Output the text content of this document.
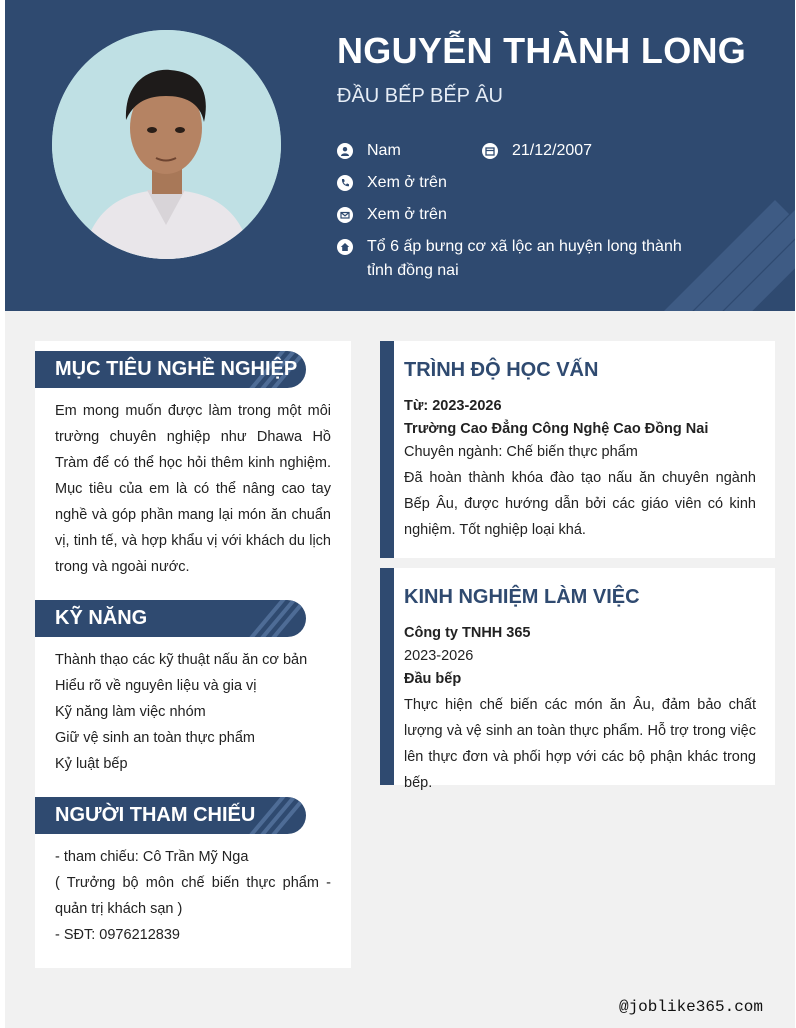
NGUYỄN THÀNH LONG
ĐẦU BẾP BẾP ÂU
Nam	21/12/2007
Xem ở trên
Xem ở trên
Tổ 6 ấp bưng cơ xã lộc an huyện long thành tỉnh đồng nai
MỤC TIÊU NGHỀ NGHIỆP
Em mong muốn được làm trong một môi trường chuyên nghiệp như Dhawa Hồ Tràm để có thể học hỏi thêm kinh nghiệm. Mục tiêu của em là có thể nâng cao tay nghề và góp phần mang lại món ăn chuẩn vị, tinh tế, và hợp khẩu vị với khách du lịch trong và ngoài nước.
KỸ NĂNG
Thành thạo các kỹ thuật nấu ăn cơ bản
Hiểu rõ về nguyên liệu và gia vị
Kỹ năng làm việc nhóm
Giữ vệ sinh an toàn thực phẩm
Kỷ luật bếp
NGƯỜI THAM CHIẾU
- tham chiếu: Cô Trần Mỹ Nga
( Trưởng bộ môn chế biến thực phẩm - quản trị khách sạn )
- SĐT: 0976212839
TRÌNH ĐỘ HỌC VẤN
Từ: 2023-2026
Trường Cao Đẳng Công Nghệ Cao Đồng Nai
Chuyên ngành: Chế biến thực phẩm
Đã hoàn thành khóa đào tạo nấu ăn chuyên ngành Bếp Âu, được hướng dẫn bởi các giáo viên có kinh nghiệm. Tốt nghiệp loại khá.
KINH NGHIỆM LÀM VIỆC
Công ty TNHH 365
2023-2026
Đầu bếp
Thực hiện chế biến các món ăn Âu, đảm bảo chất lượng và vệ sinh an toàn thực phẩm. Hỗ trợ trong việc lên thực đơn và phối hợp với các bộ phận khác trong bếp.
@joblike365.com
